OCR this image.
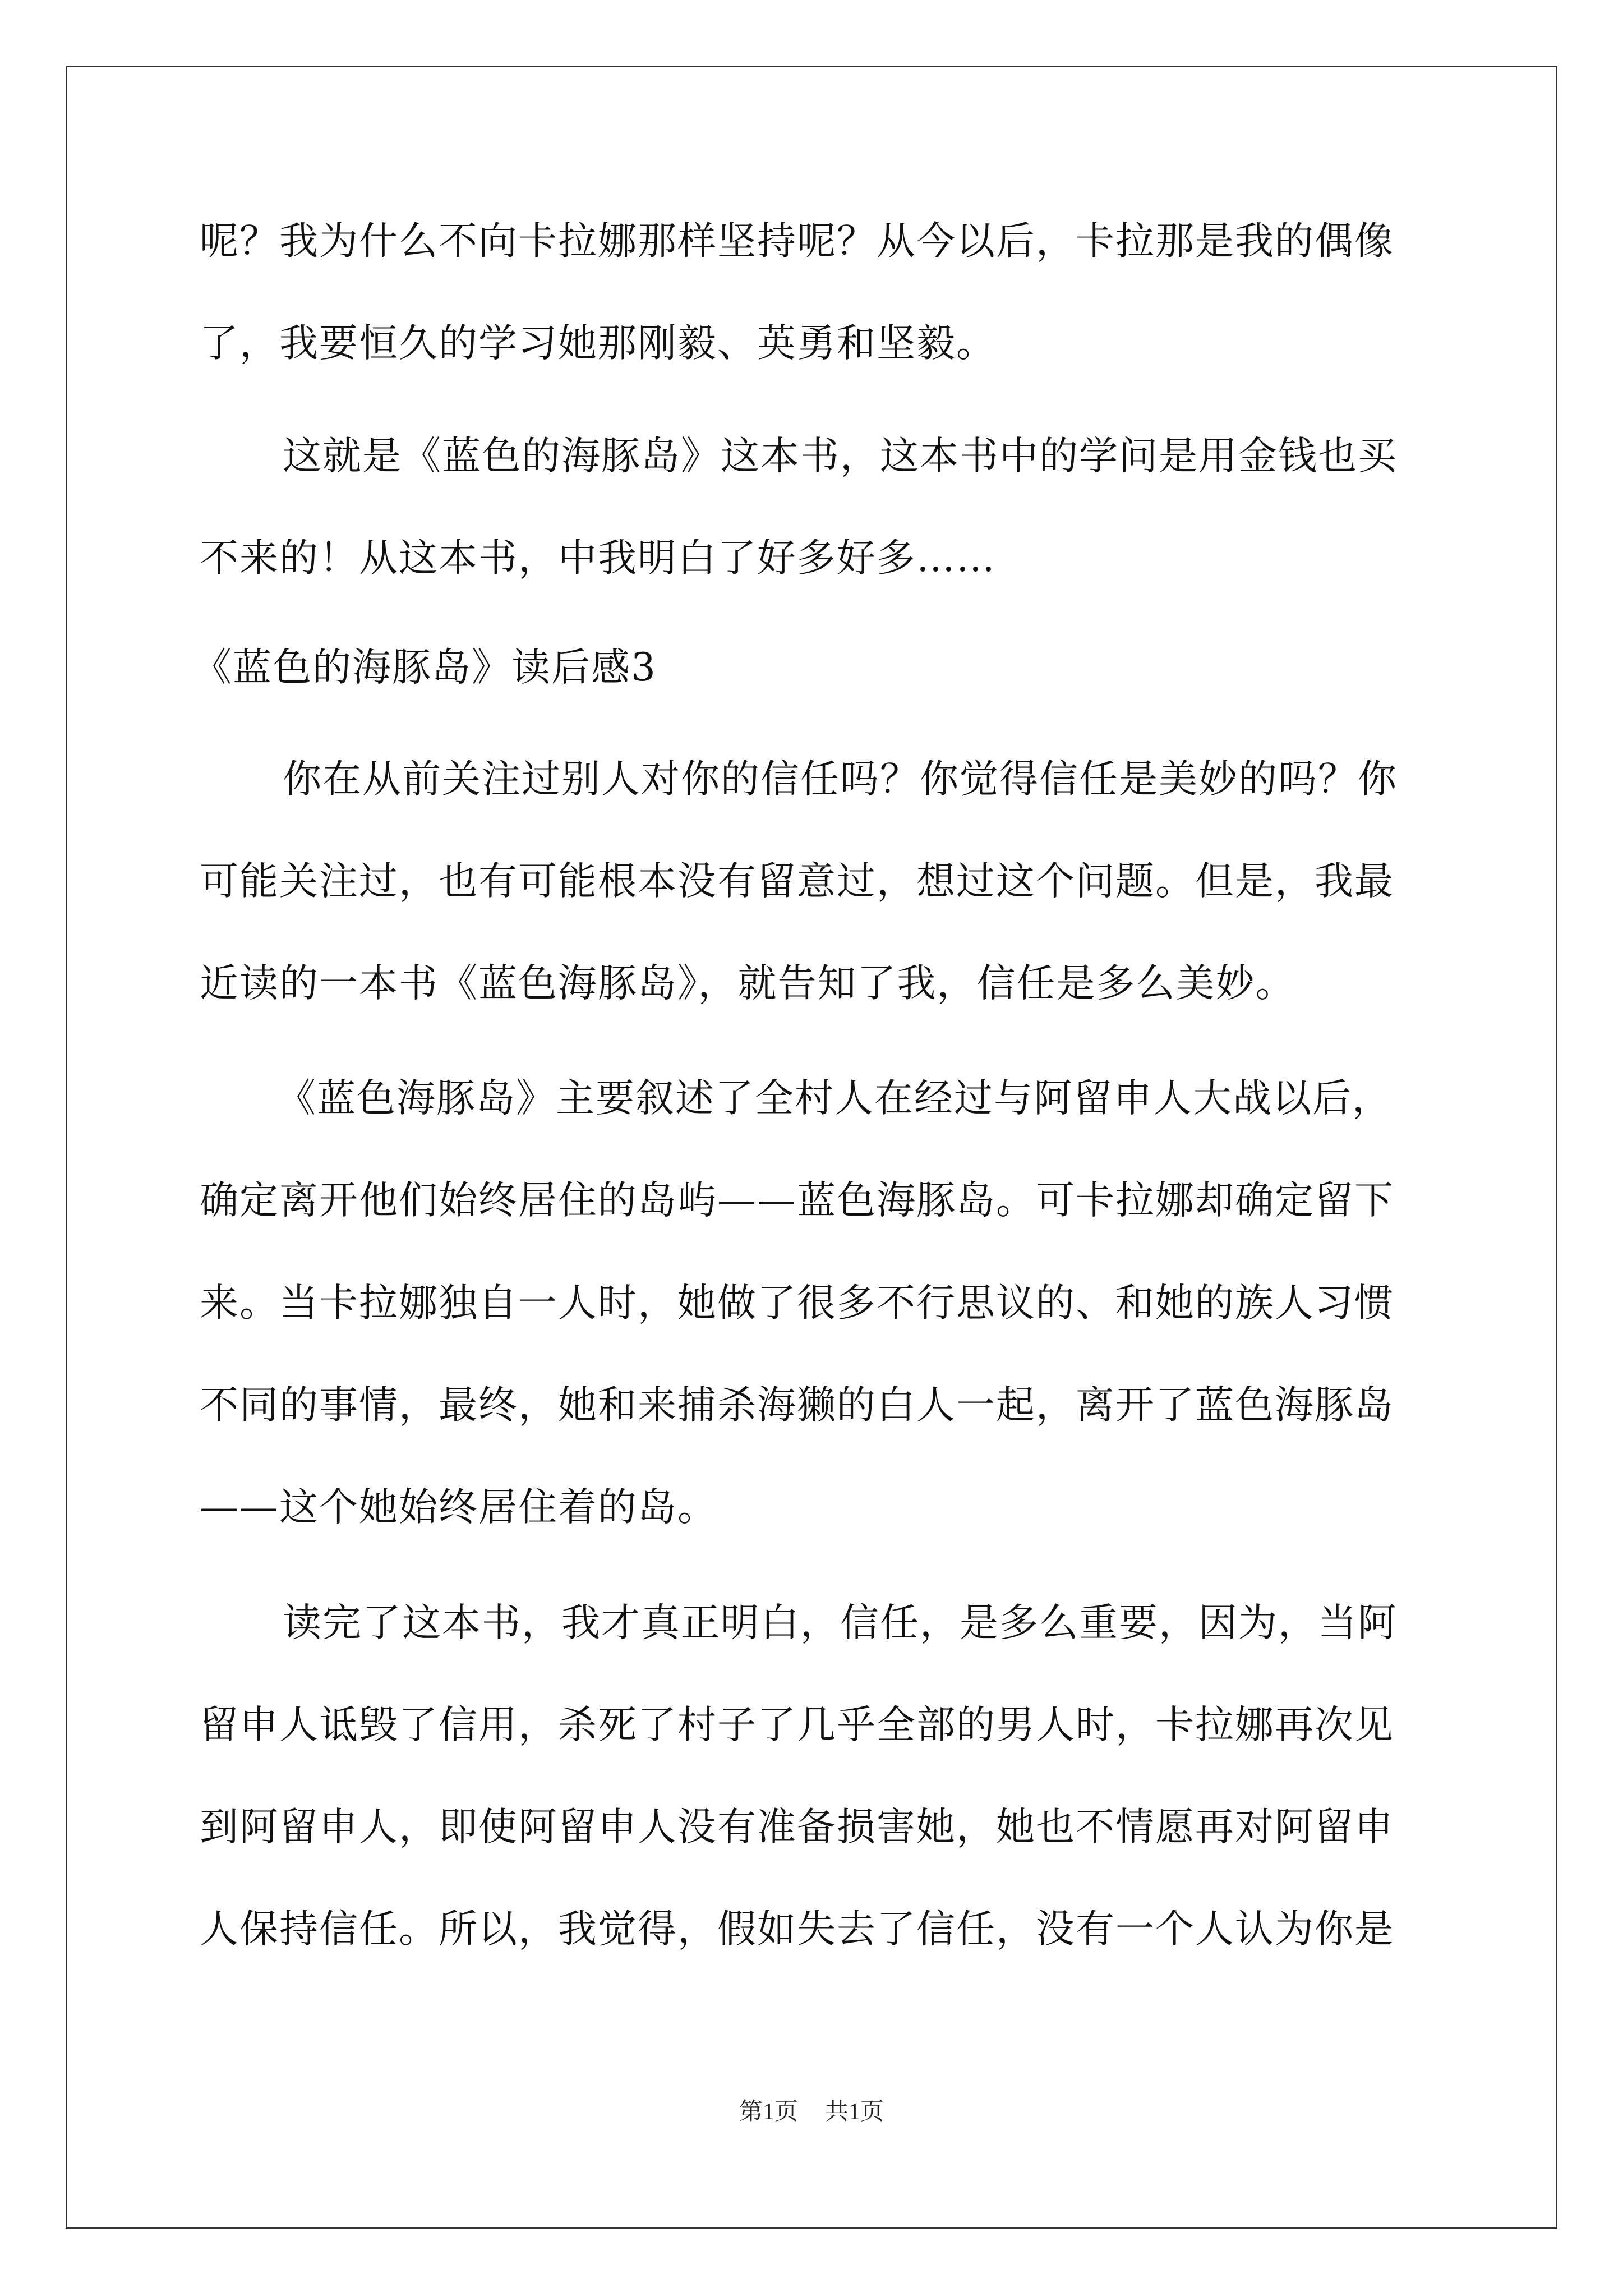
呢？我为什么不向卡拉娜那样坚持呢？从今以后，卡拉那是我的偶像
了，我要恒久的学习她那刚毅、英勇和坚毅。
这就是《蓝色的海豚岛》这本书，这本书中的学问是用金钱也买
不来的！从这本书，中我明白了好多好多……
《蓝色的海豚岛》读后感3
你在从前关注过别人对你的信任吗？你觉得信任是美妙的吗？你
可能关注过，也有可能根本没有留意过，想过这个问题。但是，我最
近读的一本书《蓝色海豚岛》，就告知了我，信任是多么美妙。
《蓝色海豚岛》主要叙述了全村人在经过与阿留申人大战以后，
确定离开他们始终居住的岛屿——蓝色海豚岛。可卡拉娜却确定留下
来。当卡拉娜独自一人时，她做了很多不行思议的、和她的族人习惯
不同的事情，最终，她和来捕杀海獭的白人一起，离开了蓝色海豚岛
——这个她始终居住着的岛。
读完了这本书，我才真正明白，信任，是多么重要，因为，当阿
留申人诋毁了信用，杀死了村子了几乎全部的男人时，卡拉娜再次见
到阿留申人，即使阿留申人没有准备损害她，她也不情愿再对阿留申
人保持信任。所以，我觉得，假如失去了信任，没有一个人认为你是
第1页 共1页
